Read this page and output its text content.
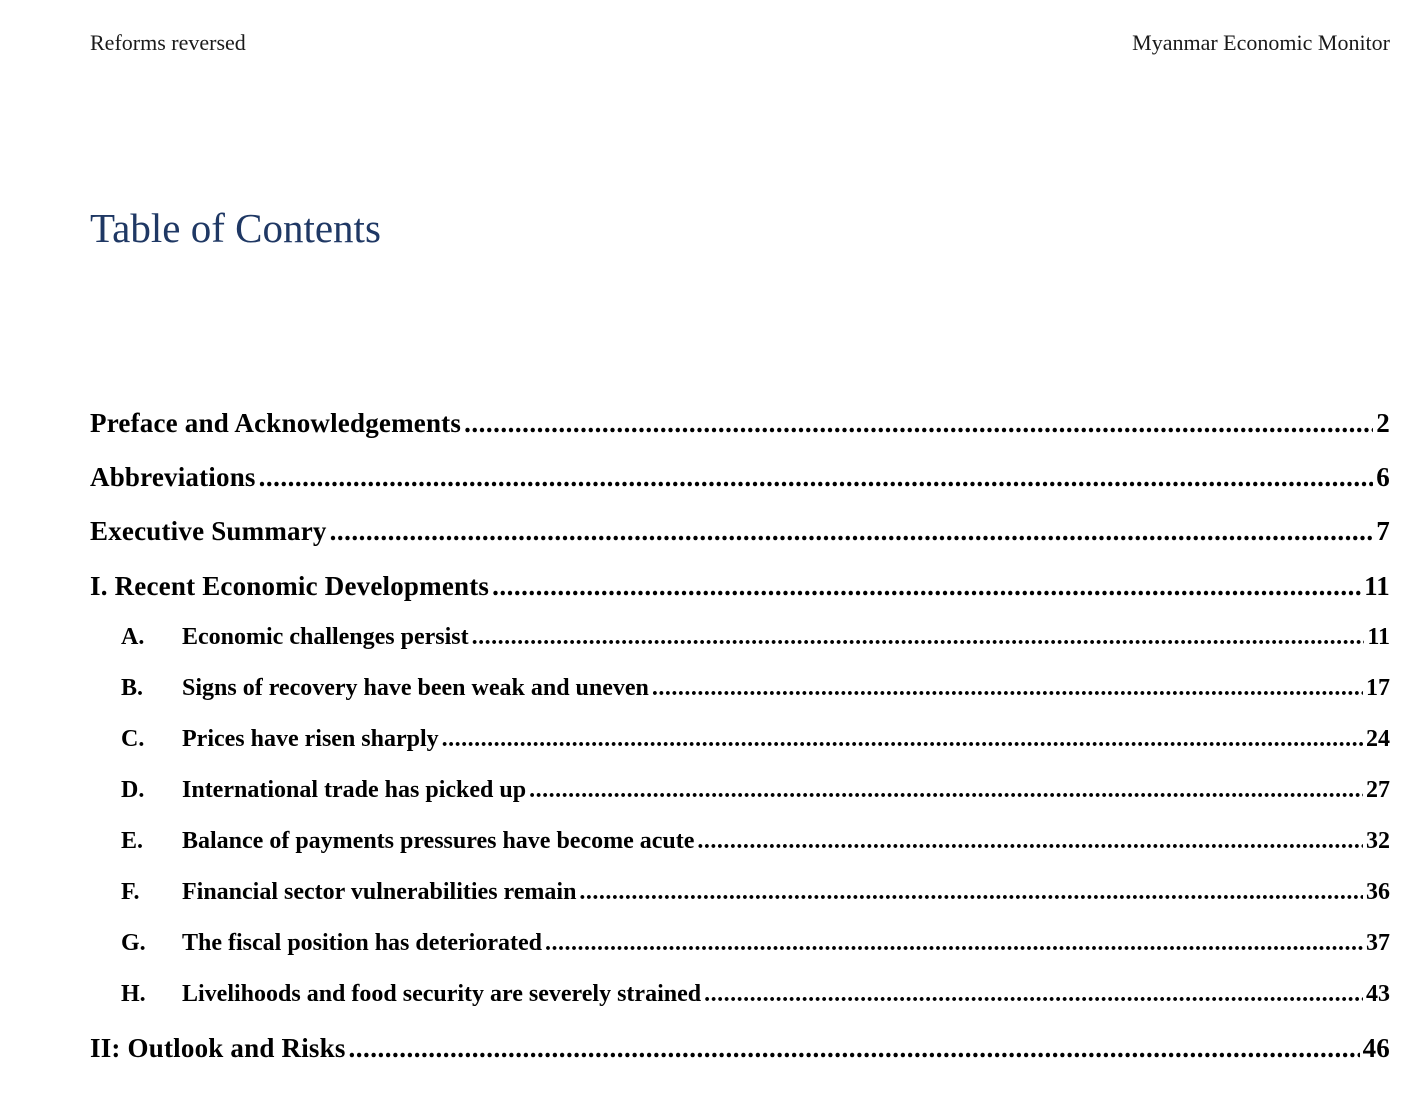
Reforms reversed	Myanmar Economic Monitor
Table of Contents
Preface and Acknowledgements .....	2
Abbreviations .....	6
Executive Summary .....	7
I. Recent Economic Developments .....	11
A.	Economic challenges persist .....	11
B.	Signs of recovery have been weak and uneven .....	17
C.	Prices have risen sharply .....	24
D.	International trade has picked up .....	27
E.	Balance of payments pressures have become acute .....	32
F.	Financial sector vulnerabilities remain .....	36
G.	The fiscal position has deteriorated .....	37
H.	Livelihoods and food security are severely strained .....	43
II: Outlook and Risks .....	46
